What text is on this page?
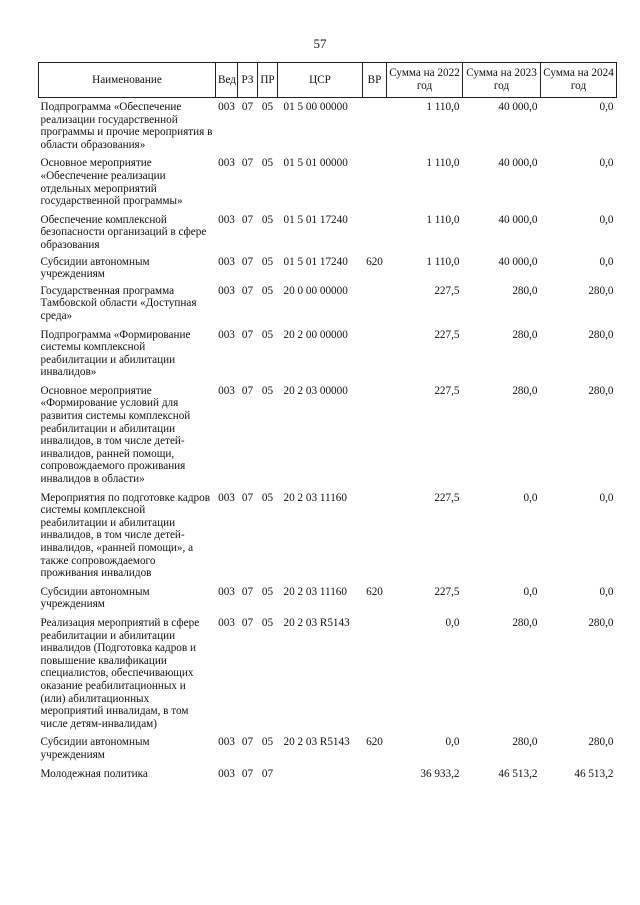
57
Наименование	Вед	РЗ	ПР	ЦСР	ВР	Сумма на 2022 год	Сумма на 2023 год	Сумма на 2024 год
Подпрограмма «Обеспечение реализации государственной программы и прочие мероприятия в области образования»	003	07	05	01 5 00 00000		1 110,0	40 000,0	0,0
Основное мероприятие «Обеспечение реализации отдельных мероприятий государственной программы»	003	07	05	01 5 01 00000		1 110,0	40 000,0	0,0
Обеспечение комплексной безопасности организаций в сфере образования	003	07	05	01 5 01 17240		1 110,0	40 000,0	0,0
Субсидии автономным учреждениям	003	07	05	01 5 01 17240	620	1 110,0	40 000,0	0,0
Государственная программа Тамбовской области «Доступная среда»	003	07	05	20 0 00 00000		227,5	280,0	280,0
Подпрограмма «Формирование системы комплексной реабилитации и абилитации инвалидов»	003	07	05	20 2 00 00000		227,5	280,0	280,0
Основное мероприятие «Формирование условий для развития системы комплексной реабилитации и абилитации инвалидов, в том числе детей-инвалидов, ранней помощи, сопровождаемого проживания инвалидов в области»	003	07	05	20 2 03 00000		227,5	280,0	280,0
Мероприятия по подготовке кадров системы комплексной реабилитации и абилитации инвалидов, в том числе детей-инвалидов, «ранней помощи», а также сопровождаемого проживания инвалидов	003	07	05	20 2 03 11160		227,5	0,0	0,0
Субсидии автономным учреждениям	003	07	05	20 2 03 11160	620	227,5	0,0	0,0
Реализация мероприятий в сфере реабилитации и абилитации инвалидов (Подготовка кадров и повышение квалификации специалистов, обеспечивающих оказание реабилитационных и (или) абилитационных мероприятий инвалидам, в том числе детям-инвалидам)	003	07	05	20 2 03 R5143		0,0	280,0	280,0
Субсидии автономным учреждениям	003	07	05	20 2 03 R5143	620	0,0	280,0	280,0
Молодежная политика	003	07	07			36 933,2	46 513,2	46 513,2
